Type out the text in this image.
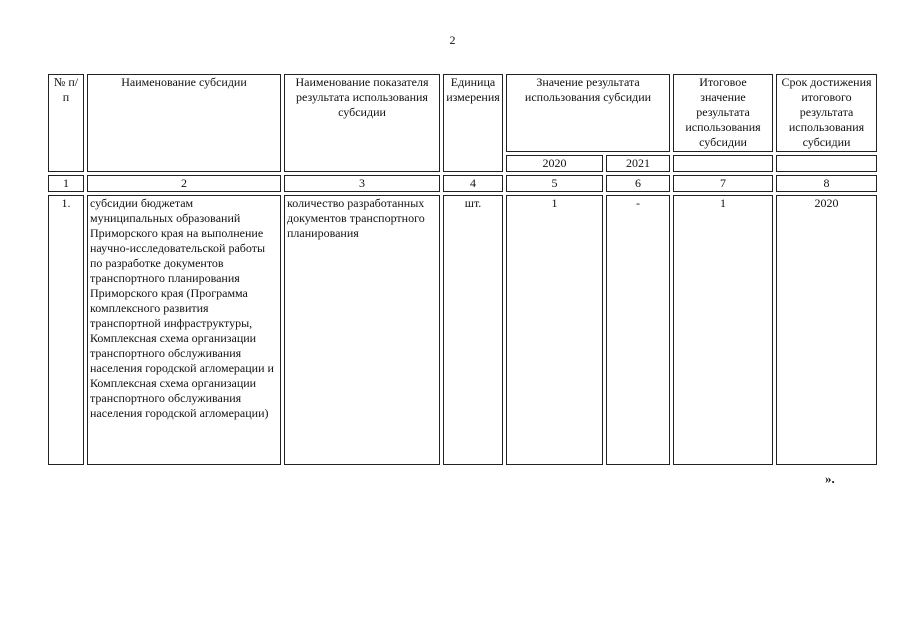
2
№ п/п	Наименование субсидии	Наименование показателя результата использования субсидии	Единица измерения	Значение результата использования субсидии		Итоговое значение результата использования субсидии	Срок достижения итогового результата использования субсидии
				2020	2021		
1	2	3	4	5	6	7	8
1.	субсидии бюджетам муниципальных образований Приморского края на выполнение научно-исследовательской работы по разработке документов транспортного планирования Приморского края (Программа комплексного развития транспортной инфраструктуры, Комплексная схема организации транспортного обслуживания населения городской агломерации и Комплексная схема организации транспортного обслуживания населения городской агломерации)	количество разработанных документов транспортного планирования	шт.	1	-	1	2020
».
